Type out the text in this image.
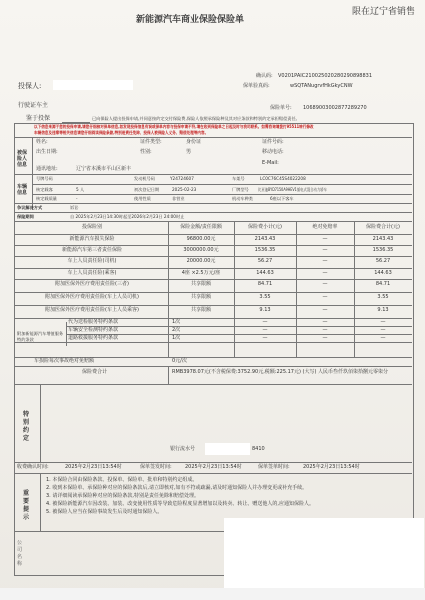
限在辽宁省销售
新能源汽车商业保险保险单
确认码: V0201PAIC210025020280290898831
投保人:	保单验真码:	wSQTANugrvfHkGkyCNW
行驶证车主	保险单号: 10689003002877289270
鉴于投保	已向保险人提出投保申请,并同意按约定交付保险费,保险人依照承保险种及其对应条款和特别约定承担赔偿责任。
以下信息来源于您的投保申请,请您仔细核对保单信息,如发现投保信息有误或保单内容与投保申请不符,请在收到保险单之日起及时与我司联系。如需咨询请拨打95511转行修改
车辆信息及违章等相关信息请您仔细阅读保险条款,特别是责任免除、投保人被保险人义务、赔偿处理等内容。
被保险人信息
姓名:	证件类型:	身份证	证件号码:
出生日期:	性别:	男	移动电话:
E-Mail:
通讯地址:	辽宁省本溪市平山区新丰
车辆信息
号牌号码	发动机号码	Y24724607	车架号	LC0C76C45S4022208
核定载客	5 人	初次登记日期	2025-02-23	厂牌型号 比亚迪BYD7150A9HEV1插电式混合动力轿车
核定载质量	-	使用性质	非营业	机动车种类	6座以下客车
争议解决方式	诉讼
保险期间	自 2025年2月23日14:30时起至2026年2月23日 24:00时止
附加新能源汽车增值服务特约条款
车损险每次事故绝对免赔额	0元/次
保险费合计	RMB3978.07元(不含税保费:3752.90元,税额:225.17元) (大写) 人民币叁仟玖佰柒拾捌元零柒分
特别约定
银行流水号	8410
收费确认时间:	2025年2月23日13:54时	保单签发时间:	2025年2月23日13:54时	保单签单时间:	2025年2月23日13:54时
重要提示
公司名称
投保险别	保险金额/责任限额	保险费小计(元)	绝对免赔率	保险费合计(元)
新能源汽车损失保险	96800.00元	2143.43	—	2143.43
新能源汽车第三者责任保险	3000000.00元	1536.35	—	1536.35
车上人员责任险(司机)	20000.00元	56.27	—	56.27
车上人员责任险(乘客)	4座 ×2.5万元/座	144.63	—	144.63
附加医保外医疗费用责任险(三者)	共享限额	84.71	—	84.71
附加医保外医疗费用责任险(车上人员司机)	共享限额	3.55	—	3.55
附加医保外医疗费用责任险(车上人员乘客)	共享限额	9.13	—	9.13
代为送检服务特约条款	1次	—	—	—
车辆安全检测特约条款	2次	—	—	—
道路救援服务特约条款	1次	—	—	—
1. 本保险合同由保险条款、投保单、保险单、批单和特别约定组成。
2. 收到本保险单、承保险种对应的保险条款后,请立即核对,如有不符或疏漏,请及时通知保险人并办理变更或补充手续。
3. 请详细阅读承保险种对应的保险条款,特别是责任免除和赔偿处理。
4. 被保险新能源汽车因改装、加装、改变使用性质等导致危险程度显著增加以及转卖、转让、赠送他人的,应通知保险人。
5. 被保险人应当在保险事故发生后及时通知保险人。
